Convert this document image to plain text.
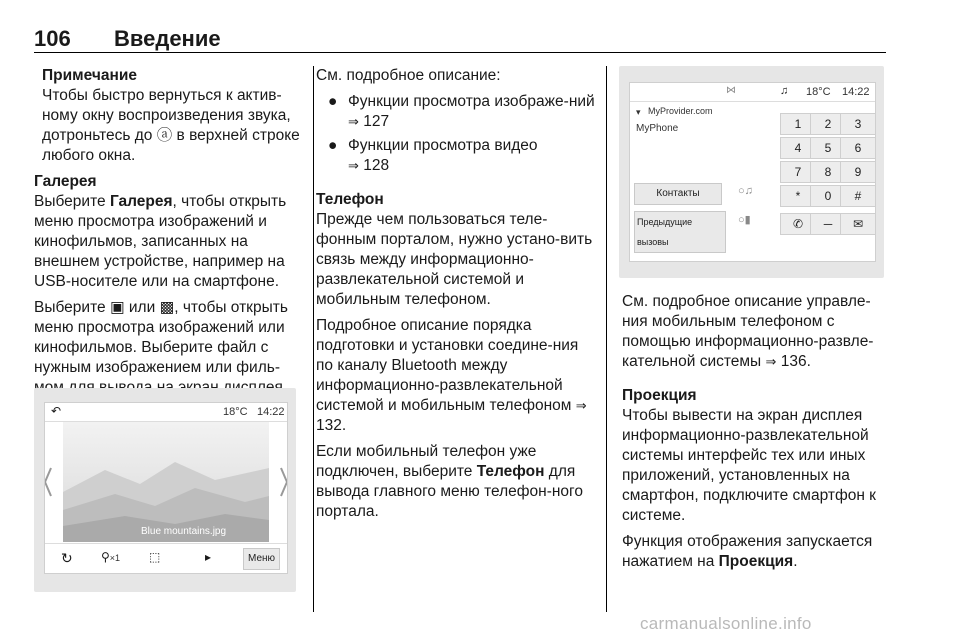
106 Введение
Примечание

Чтобы быстро вернуться к актив-ному окну воспроизведения звука, дотроньтесь до ⓐ в верхней строке любого окна.

Галерея

Выберите Галерея, чтобы открыть меню просмотра изображений и кинофильмов, записанных на внешнем устройстве, например на USB-носителе или на смартфоне.

Выберите ▣ или ▩, чтобы открыть меню просмотра изображений или кинофильмов. Выберите файл с нужным изображением или филь-

↶	18°C 14:22
Blue mountains.jpg
↻ ⚲×1 ⬚	▸	Меню

См. подробное описание:

● Функции просмотра изображе-ний ⇒ 127
● Функции просмотра видео
⇒ 128
Телефон

Прежде чем пользоваться теле-фонным порталом, нужно устано-вить связь между информационно-развлекательной системой и мобильным телефоном.

Подробное описание порядка подготовки и установки соедине-ния по каналу Bluetooth между информационно-развлекательной системой и мобильным телефоном ⇒ 132.

Если мобильный телефон уже подключен, выберите Телефон для вывода главного меню телефон-ного портала.

⋈	♫ 18°C 14:22
▾ MyProvider.com
MyPhone
Контакты
Предыдущие вызовы
○♫
○▮
1	2	3
4	5	6
7	8	9
*	0	#
✆	─	✉

См. подробное описание управле-ния мобильным телефоном с помощью информационно-развле-кательной системы ⇒ 136.

Проекция

Чтобы вывести на экран дисплея информационно-развлекательной системы интерфейс тех или иных приложений, установленных на смартфон, подключите смартфон к системе.

Функция отображения запускается нажатием на Проекция.

carmanualsonline.info
